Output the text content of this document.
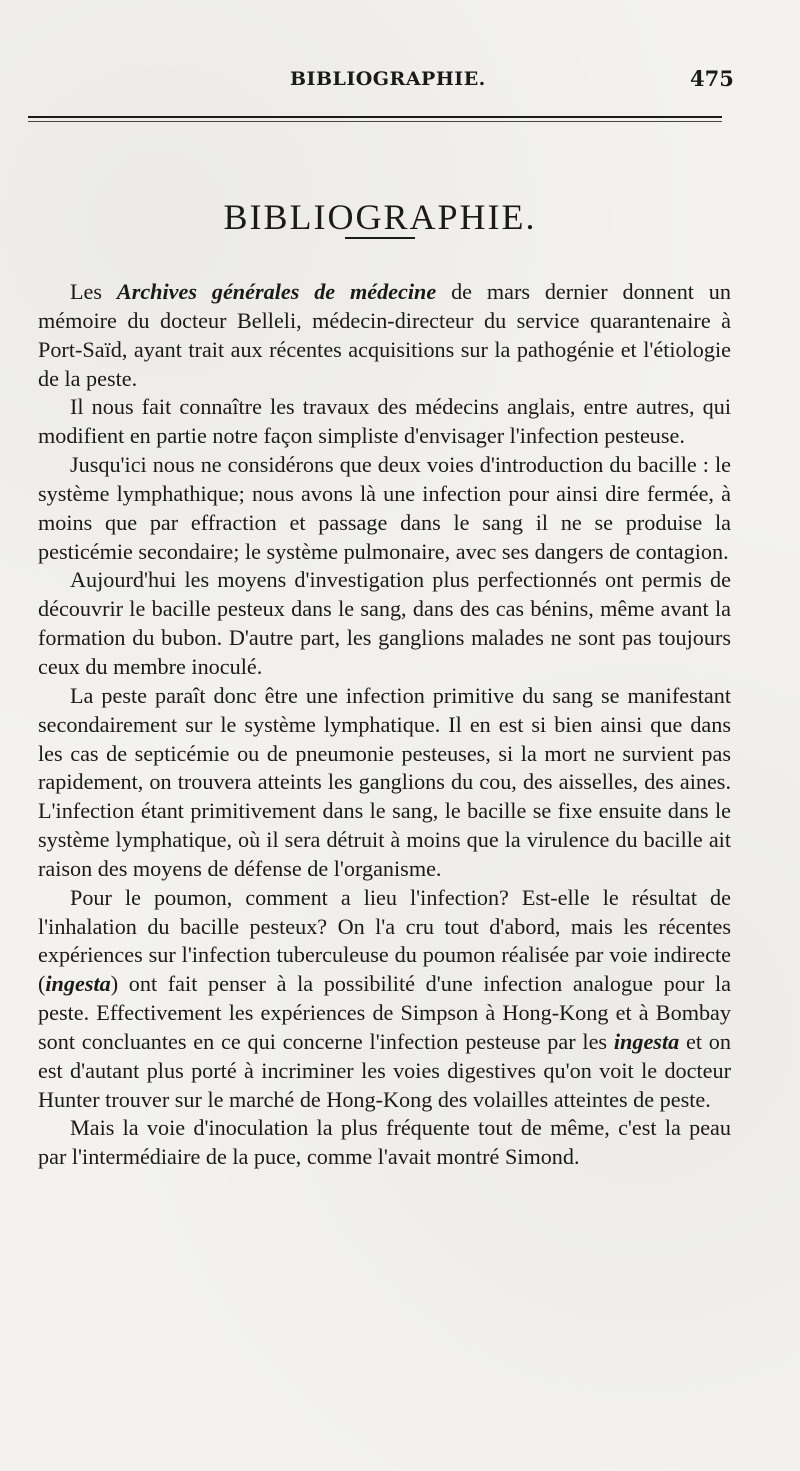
BIBLIOGRAPHIE.	475
BIBLIOGRAPHIE.

Les Archives générales de médecine de mars dernier donnent un mémoire du docteur Belleli, médecin-directeur du service quarantenaire à Port-Saïd, ayant trait aux récentes acquisitions sur la pathogénie et l'étiologie de la peste.

Il nous fait connaître les travaux des médecins anglais, entre autres, qui modifient en partie notre façon simpliste d'envisager l'infection pesteuse.

Jusqu'ici nous ne considérons que deux voies d'introduction du bacille : le système lymphathique; nous avons là une infection pour ainsi dire fermée, à moins que par effraction et passage dans le sang il ne se produise la pesticémie secondaire; le système pulmonaire, avec ses dangers de contagion.

Aujourd'hui les moyens d'investigation plus perfectionnés ont permis de découvrir le bacille pesteux dans le sang, dans des cas bénins, même avant la formation du bubon. D'autre part, les ganglions malades ne sont pas toujours ceux du membre inoculé.

La peste paraît donc être une infection primitive du sang se manifestant secondairement sur le système lymphatique. Il en est si bien ainsi que dans les cas de septicémie ou de pneumonie pesteuses, si la mort ne survient pas rapidement, on trouvera atteints les ganglions du cou, des aisselles, des aines. L'infection étant primitivement dans le sang, le bacille se fixe ensuite dans le système lymphatique, où il sera détruit à moins que la virulence du bacille ait raison des moyens de défense de l'organisme.

Pour le poumon, comment a lieu l'infection? Est-elle le résultat de l'inhalation du bacille pesteux? On l'a cru tout d'abord, mais les récentes expériences sur l'infection tuberculeuse du poumon réalisée par voie indirecte (ingesta) ont fait penser à la possibilité d'une infection analogue pour la peste. Effectivement les expériences de Simpson à Hong-Kong et à Bombay sont concluantes en ce qui concerne l'infection pesteuse par les ingesta et on est d'autant plus porté à incriminer les voies digestives qu'on voit le docteur Hunter trouver sur le marché de Hong-Kong des volailles atteintes de peste.

Mais la voie d'inoculation la plus fréquente tout de même, c'est la peau par l'intermédiaire de la puce, comme l'avait montré Simond.
